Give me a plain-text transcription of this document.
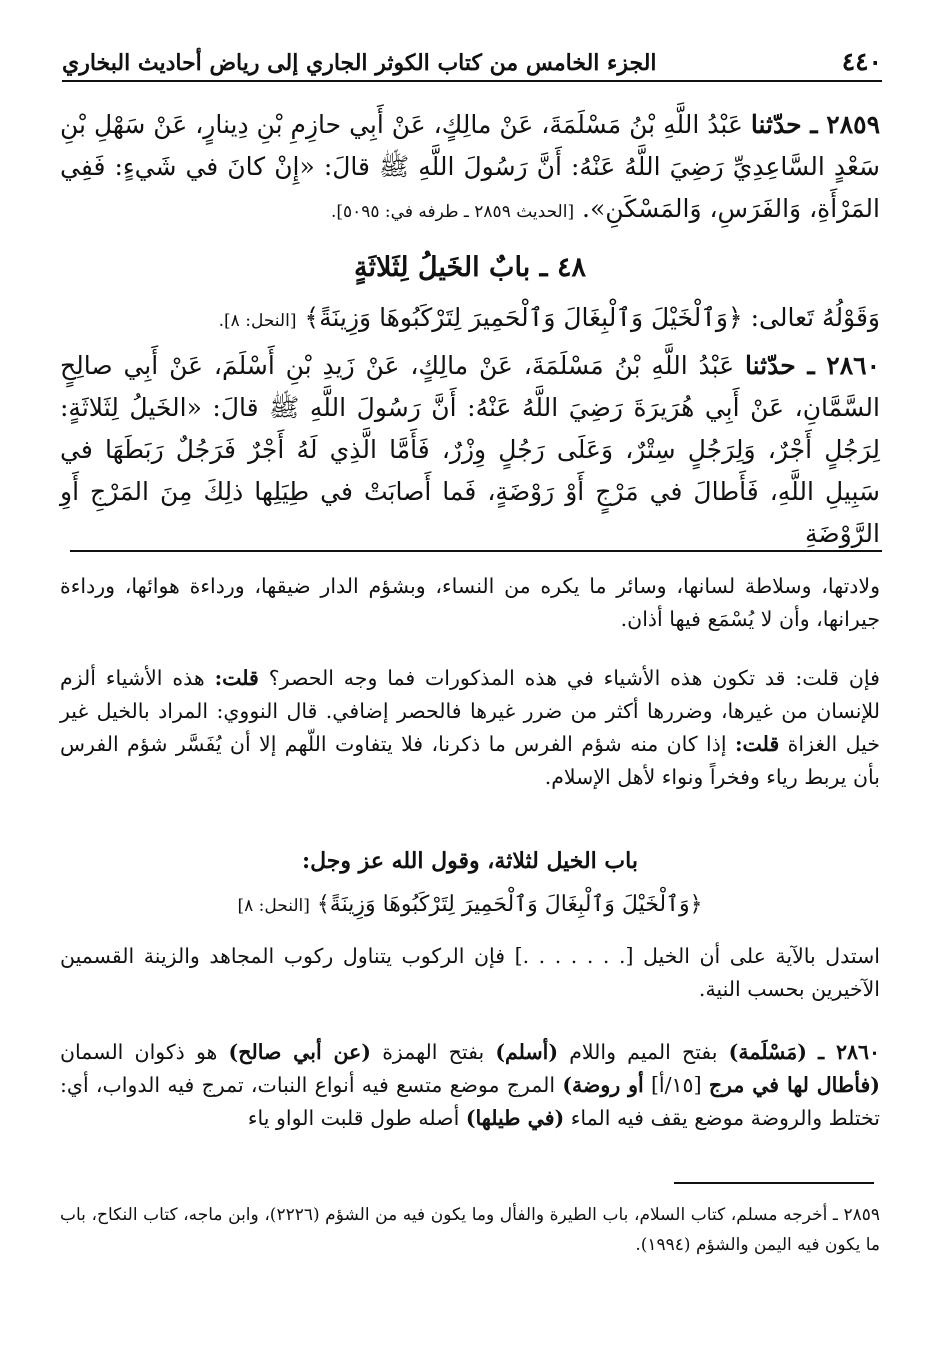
٤٤٠
الجزء الخامس من كتاب الكوثر الجاري إلى رياض أحاديث البخاري
٢٨٥٩ ـ حدّثنا عَبْدُ اللَّهِ بْنُ مَسْلَمَةَ، عَنْ مالِكٍ، عَنْ أَبِي حازِمِ بْنِ دِينارٍ، عَنْ سَهْلِ بْنِ سَعْدٍ السَّاعِدِيِّ رَضِيَ اللَّهُ عَنْهُ: أَنَّ رَسُولَ اللَّهِ ﷺ قالَ: «إِنْ كانَ في شَيءٍ: فَفِي المَرْأَةِ، وَالفَرَسِ، وَالمَسْكَنِ». [الحديث ٢٨٥٩ ـ طرفه في: ٥٠٩٥].
٤٨ ـ بابٌ الخَيلُ لِثَلاثَةٍ
وَقَوْلُهُ تَعالى: ﴿وَٱلْخَيْلَ وَٱلْبِغَالَ وَٱلْحَمِيرَ لِتَرْكَبُوهَا وَزِينَةً﴾ [النحل: ٨].
٢٨٦٠ ـ حدّثنا عَبْدُ اللَّهِ بْنُ مَسْلَمَةَ، عَنْ مالِكٍ، عَنْ زَيدِ بْنِ أَسْلَمَ، عَنْ أَبِي صالِحٍ السَّمَّانِ، عَنْ أَبِي هُرَيرَةَ رَضِيَ اللَّهُ عَنْهُ: أَنَّ رَسُولَ اللَّهِ ﷺ قالَ: «الخَيلُ لِثَلاثَةٍ: لِرَجُلٍ أَجْرٌ، وَلِرَجُلٍ سِتْرٌ، وَعَلَى رَجُلٍ وِزْرٌ، فَأَمَّا الَّذِي لَهُ أَجْرٌ فَرَجُلٌ رَبَطَهَا في سَبِيلِ اللَّهِ، فَأَطالَ في مَرْجٍ أَوْ رَوْضَةٍ، فَما أَصابَتْ في طِيَلِها ذلِكَ مِنَ المَرْجِ أَوِ الرَّوْضَةِ
ولادتها، وسلاطة لسانها، وسائر ما يكره من النساء، وبشؤم الدار ضيقها، ورداءة هوائها، ورداءة جيرانها، وأن لا يُسْمَع فيها أذان.
فإن قلت: قد تكون هذه الأشياء في هذه المذكورات فما وجه الحصر؟ قلت: هذه الأشياء ألزم للإنسان من غيرها، وضررها أكثر من ضرر غيرها فالحصر إضافي. قال النووي: المراد بالخيل غير خيل الغزاة قلت: إذا كان منه شؤم الفرس ما ذكرنا، فلا يتفاوت اللّهم إلا أن يُفَسَّر شؤم الفرس بأن يربط رياء وفخراً ونواء لأهل الإسلام.
باب الخيل لثلاثة، وقول الله عز وجل:
﴿وَٱلْخَيْلَ وَٱلْبِغَالَ وَٱلْحَمِيرَ لِتَرْكَبُوهَا وَزِينَةً﴾ [النحل: ٨]
استدل بالآية على أن الخيل [. . . . . . .] فإن الركوب يتناول ركوب المجاهد والزينة القسمين الآخيرين بحسب النية.
٢٨٦٠ ـ (مَسْلَمة) بفتح الميم واللام (أسلم) بفتح الهمزة (عن أبي صالح) هو ذكوان السمان (فأطال لها في مرج [١٥/أ] أو روضة) المرج موضع متسع فيه أنواع النبات، تمرج فيه الدواب، أي: تختلط والروضة موضع يقف فيه الماء (في طيلها) أصله طول قلبت الواو ياء
٢٨٥٩ ـ أخرجه مسلم، كتاب السلام، باب الطيرة والفأل وما يكون فيه من الشؤم (٢٢٢٦)، وابن ماجه، كتاب النكاح، باب ما يكون فيه اليمن والشؤم (١٩٩٤).
